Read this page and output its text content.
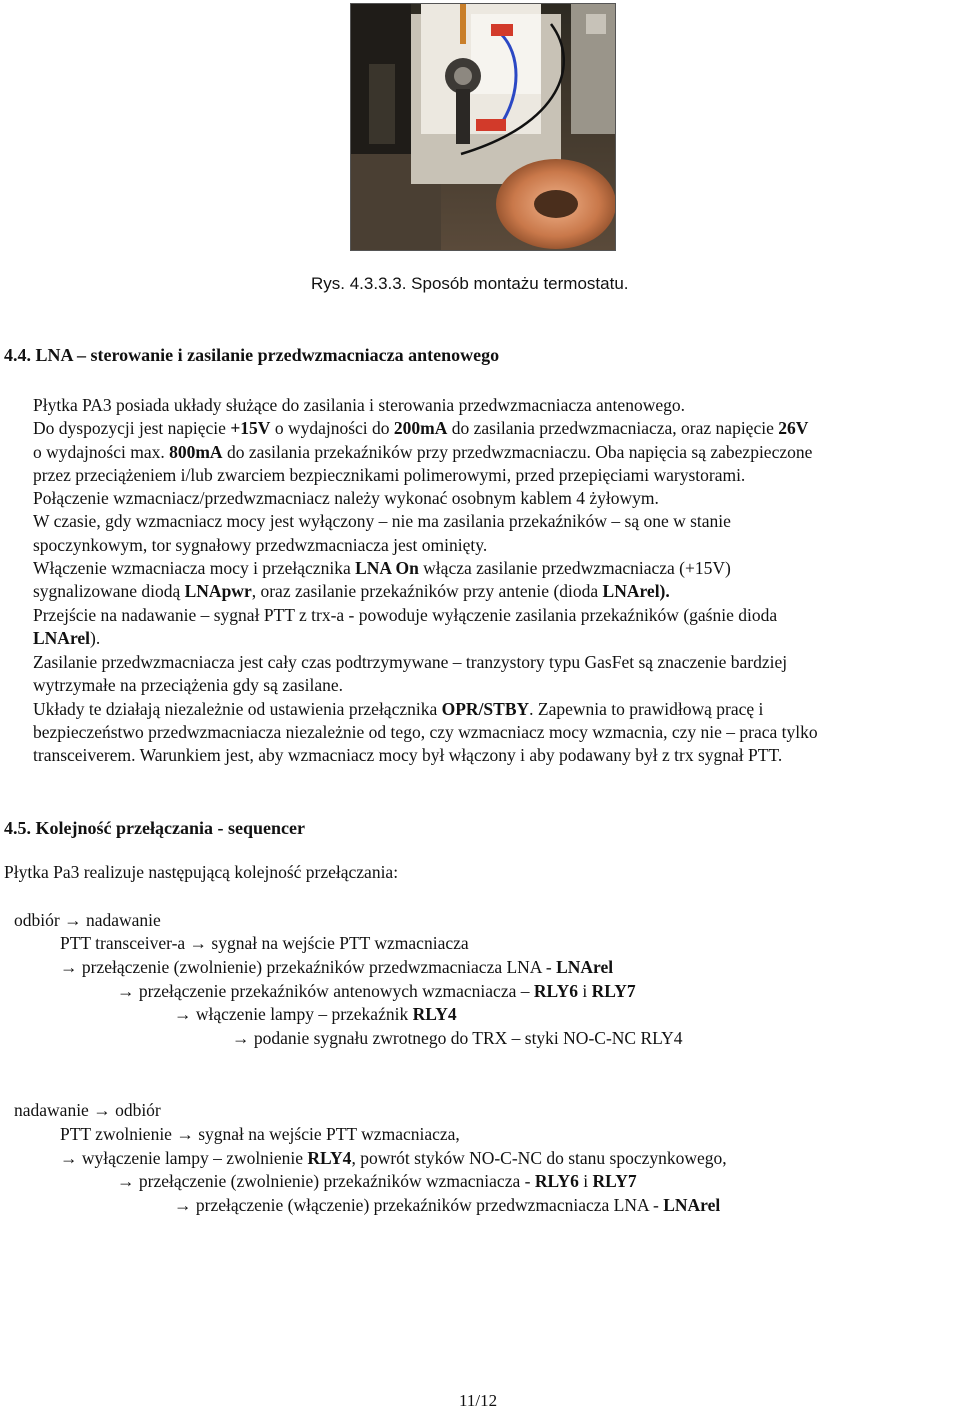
Rys. 4.3.3.3. Sposób montażu termostatu.
4.4. LNA – sterowanie i zasilanie przedwzmacniacza antenowego
Płytka PA3 posiada układy służące do zasilania i sterowania przedwzmacniacza antenowego.
Do dyspozycji jest napięcie +15V o wydajności do 200mA do zasilania przedwzmacniacza, oraz napięcie 26V
o wydajności max. 800mA do zasilania przekaźników przy przedwzmacniaczu. Oba napięcia są zabezpieczone
przez przeciążeniem i/lub zwarciem bezpiecznikami polimerowymi, przed przepięciami warystorami.
Połączenie wzmacniacz/przedwzmacniacz należy wykonać osobnym kablem 4 żyłowym.
W czasie, gdy wzmacniacz mocy jest wyłączony – nie ma zasilania przekaźników – są one w stanie
spoczynkowym, tor sygnałowy przedwzmacniacza jest ominięty.
Włączenie wzmacniacza mocy i przełącznika LNA On włącza zasilanie przedwzmacniacza (+15V)
sygnalizowane diodą LNApwr, oraz zasilanie przekaźników przy antenie (dioda LNArel).
Przejście na nadawanie – sygnał PTT z trx-a - powoduje wyłączenie zasilania przekaźników (gaśnie dioda
LNArel).
Zasilanie przedwzmacniacza jest cały czas podtrzymywane – tranzystory typu GasFet są znaczenie bardziej
wytrzymałe na przeciążenia gdy są zasilane.
Układy te działają niezależnie od ustawienia przełącznika OPR/STBY. Zapewnia to prawidłową pracę i
bezpieczeństwo przedwzmacniacza niezależnie od tego, czy wzmacniacz mocy wzmacnia, czy nie – praca tylko
transceiverem. Warunkiem jest, aby wzmacniacz mocy był włączony i aby podawany był z trx sygnał PTT.
4.5. Kolejność przełączania - sequencer
Płytka Pa3 realizuje następującą kolejność przełączania:
odbiór → nadawanie
PTT transceiver-a → sygnał na wejście PTT wzmacniacza
→ przełączenie (zwolnienie) przekaźników przedwzmacniacza LNA - LNArel
→ przełączenie przekaźników antenowych wzmacniacza – RLY6 i RLY7
→ włączenie lampy – przekaźnik RLY4
→ podanie sygnału zwrotnego do TRX – styki NO-C-NC RLY4
nadawanie → odbiór
PTT zwolnienie → sygnał na wejście PTT wzmacniacza,
→ wyłączenie lampy – zwolnienie RLY4, powrót styków NO-C-NC do stanu spoczynkowego,
→ przełączenie (zwolnienie) przekaźników wzmacniacza - RLY6 i RLY7
→ przełączenie (włączenie) przekaźników przedwzmacniacza LNA - LNArel
11/12
